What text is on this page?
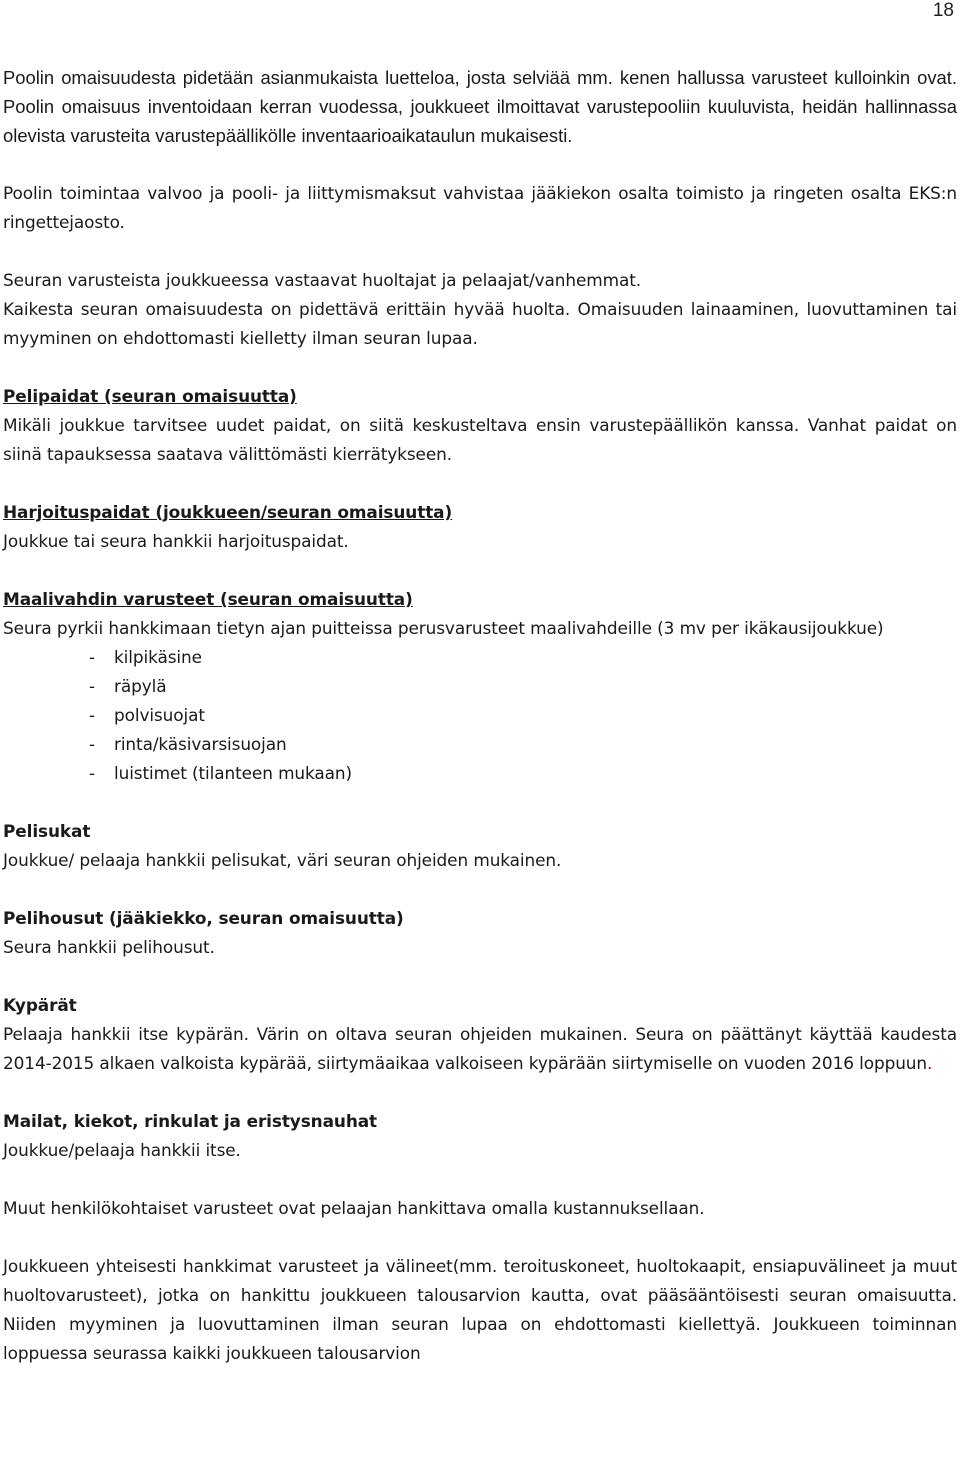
18

Poolin omaisuudesta pidetään asianmukaista luetteloa, josta selviää mm. kenen hallussa varusteet kulloinkin ovat. Poolin omaisuus inventoidaan kerran vuodessa, joukkueet ilmoittavat varustepooliin kuuluvista, heidän hallinnassa olevista varusteita varustepäällikölle inventaarioaikataulun mukaisesti.

Poolin toimintaa valvoo ja pooli- ja liittymismaksut vahvistaa jääkiekon osalta toimisto ja ringeten osalta EKS:n ringettejaosto.

Seuran varusteista joukkueessa vastaavat huoltajat ja pelaajat/vanhemmat.

Kaikesta seuran omaisuudesta on pidettävä erittäin hyvää huolta. Omaisuuden lainaaminen, luovuttaminen tai myyminen on ehdottomasti kielletty ilman seuran lupaa.

Pelipaidat (seuran omaisuutta)

Mikäli joukkue tarvitsee uudet paidat, on siitä keskusteltava ensin varustepäällikön kanssa. Vanhat paidat on siinä tapauksessa saatava välittömästi kierrätykseen.

Harjoituspaidat (joukkueen/seuran omaisuutta)

Joukkue tai seura hankkii harjoituspaidat.

Maalivahdin varusteet (seuran omaisuutta)

Seura pyrkii hankkimaan tietyn ajan puitteissa perusvarusteet maalivahdeille (3 mv per ikäkausijoukkue)

- kilpikäsine
- räpylä
- polvisuojat
- rinta/käsivarsisuojan
- luistimet (tilanteen mukaan)

Pelisukat

Joukkue/ pelaaja hankkii pelisukat, väri seuran ohjeiden mukainen.

Pelihousut (jääkiekko, seuran omaisuutta)

Seura hankkii pelihousut.

Kypärät

Pelaaja hankkii itse kypärän. Värin on oltava seuran ohjeiden mukainen. Seura on päättänyt käyttää kaudesta 2014-2015 alkaen valkoista kypärää, siirtymäaikaa valkoiseen kypärään siirtymiselle on vuoden 2016 loppuun.

Mailat, kiekot, rinkulat ja eristysnauhat

Joukkue/pelaaja hankkii itse.

Muut henkilökohtaiset varusteet ovat pelaajan hankittava omalla kustannuksellaan.

Joukkueen yhteisesti hankkimat varusteet ja välineet(mm. teroituskoneet, huoltokaapit, ensiapuvälineet ja muut huoltovarusteet), jotka on hankittu joukkueen talousarvion kautta, ovat pääsääntöisesti seuran omaisuutta. Niiden myyminen ja luovuttaminen ilman seuran lupaa on ehdottomasti kiellettyä. Joukkueen toiminnan loppuessa seurassa kaikki joukkueen talousarvion
